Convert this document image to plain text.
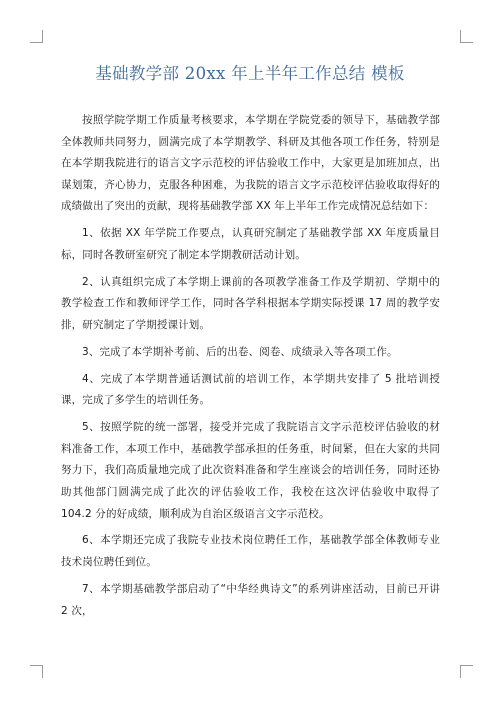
基础教学部 20xx 年上半年工作总结 模板

按照学院学期工作质量考核要求，本学期在学院党委的领导下，基础教学部全体教师共同努力，圆满完成了本学期教学、科研及其他各项工作任务，特别是在本学期我院进行的语言文字示范校的评估验收工作中，大家更是加班加点，出谋划策，齐心协力，克服各种困难，为我院的语言文字示范校评估验收取得好的成绩做出了突出的贡献，现将基础教学部 XX 年上半年工作完成情况总结如下：

1、依据 XX 年学院工作要点，认真研究制定了基础教学部 XX 年度质量目标，同时各教研室研究了制定本学期教研活动计划。

2、认真组织完成了本学期上课前的各项教学准备工作及学期初、学期中的教学检查工作和教师评学工作，同时各学科根据本学期实际授课 17 周的教学安排，研究制定了学期授课计划。

3、完成了本学期补考前、后的出卷、阅卷、成绩录入等各项工作。

4、完成了本学期普通话测试前的培训工作，本学期共安排了 5 批培训授课，完成了多学生的培训任务。

5、按照学院的统一部署，接受并完成了我院语言文字示范校评估验收的材料准备工作，本项工作中，基础教学部承担的任务重，时间紧，但在大家的共同努力下，我们高质量地完成了此次资料准备和学生座谈会的培训任务，同时还协助其他部门圆满完成了此次的评估验收工作，我校在这次评估验收中取得了 104.2 分的好成绩，顺利成为自治区级语言文字示范校。

6、本学期还完成了我院专业技术岗位聘任工作，基础教学部全体教师专业技术岗位聘任到位。

7、本学期基础教学部启动了“中华经典诗文”的系列讲座活动，目前已开讲 2 次，
